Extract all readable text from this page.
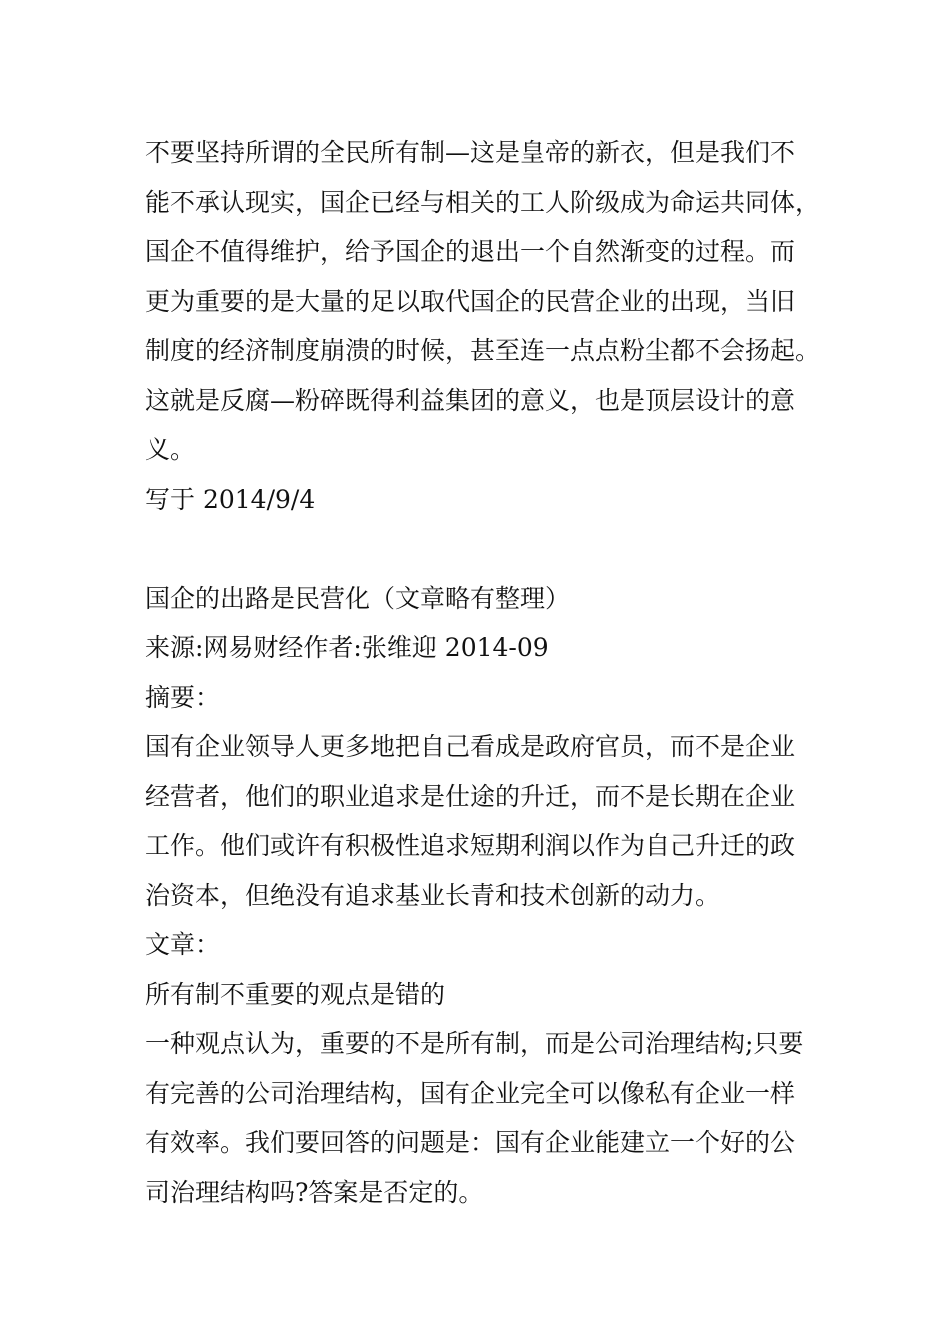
不要坚持所谓的全民所有制—这是皇帝的新衣，但是我们不
能不承认现实，国企已经与相关的工人阶级成为命运共同体，
国企不值得维护，给予国企的退出一个自然渐变的过程。而
更为重要的是大量的足以取代国企的民营企业的出现，当旧
制度的经济制度崩溃的时候，甚至连一点点粉尘都不会扬起。
这就是反腐—粉碎既得利益集团的意义，也是顶层设计的意
义。
写于 2014/9/4
国企的出路是民营化（文章略有整理）
来源:网易财经作者:张维迎 2014-09
摘要：
国有企业领导人更多地把自己看成是政府官员，而不是企业
经营者，他们的职业追求是仕途的升迁，而不是长期在企业
工作。他们或许有积极性追求短期利润以作为自己升迁的政
治资本，但绝没有追求基业长青和技术创新的动力。
文章：
所有制不重要的观点是错的
一种观点认为，重要的不是所有制，而是公司治理结构;只要
有完善的公司治理结构，国有企业完全可以像私有企业一样
有效率。我们要回答的问题是：国有企业能建立一个好的公
司治理结构吗?答案是否定的。
